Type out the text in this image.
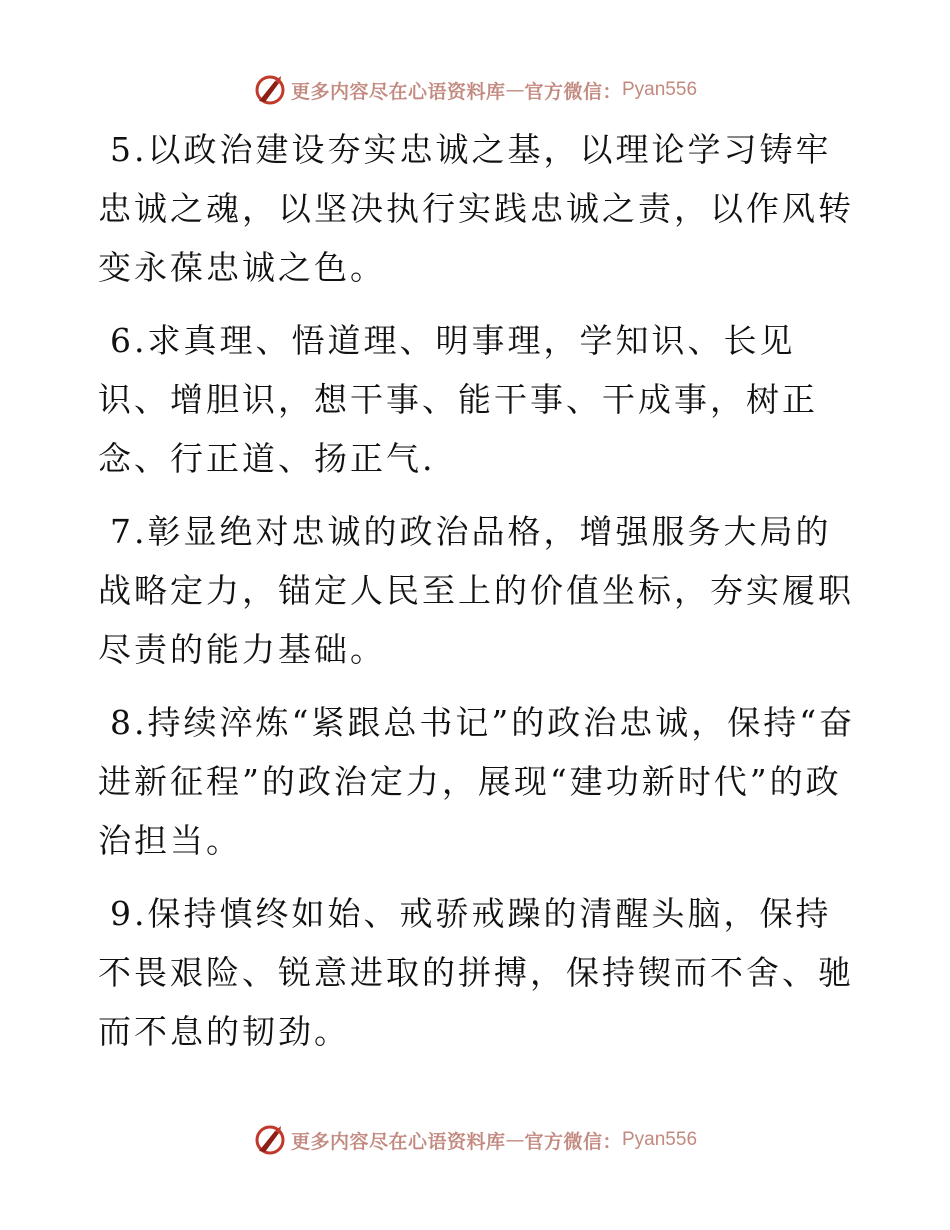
更多内容尽在心语资料库 — 官方微信： Pyan556

5.以政治建设夯实忠诚之基，以理论学习铸牢忠诚之魂，以坚决执行实践忠诚之责，以作风转变永葆忠诚之色。

6.求真理、悟道理、明事理，学知识、长见识、增胆识，想干事、能干事、干成事，树正念、行正道、扬正气.

7.彰显绝对忠诚的政治品格，增强服务大局的战略定力，锚定人民至上的价值坐标，夯实履职尽责的能力基础。

8.持续淬炼“紧跟总书记”的政治忠诚，保持“奋进新征程”的政治定力，展现“建功新时代”的政治担当。

9.保持慎终如始、戒骄戒躁的清醒头脑，保持不畏艰险、锐意进取的拼搏，保持锲而不舍、驰而不息的韧劲。

更多内容尽在心语资料库 — 官方微信： Pyan556
